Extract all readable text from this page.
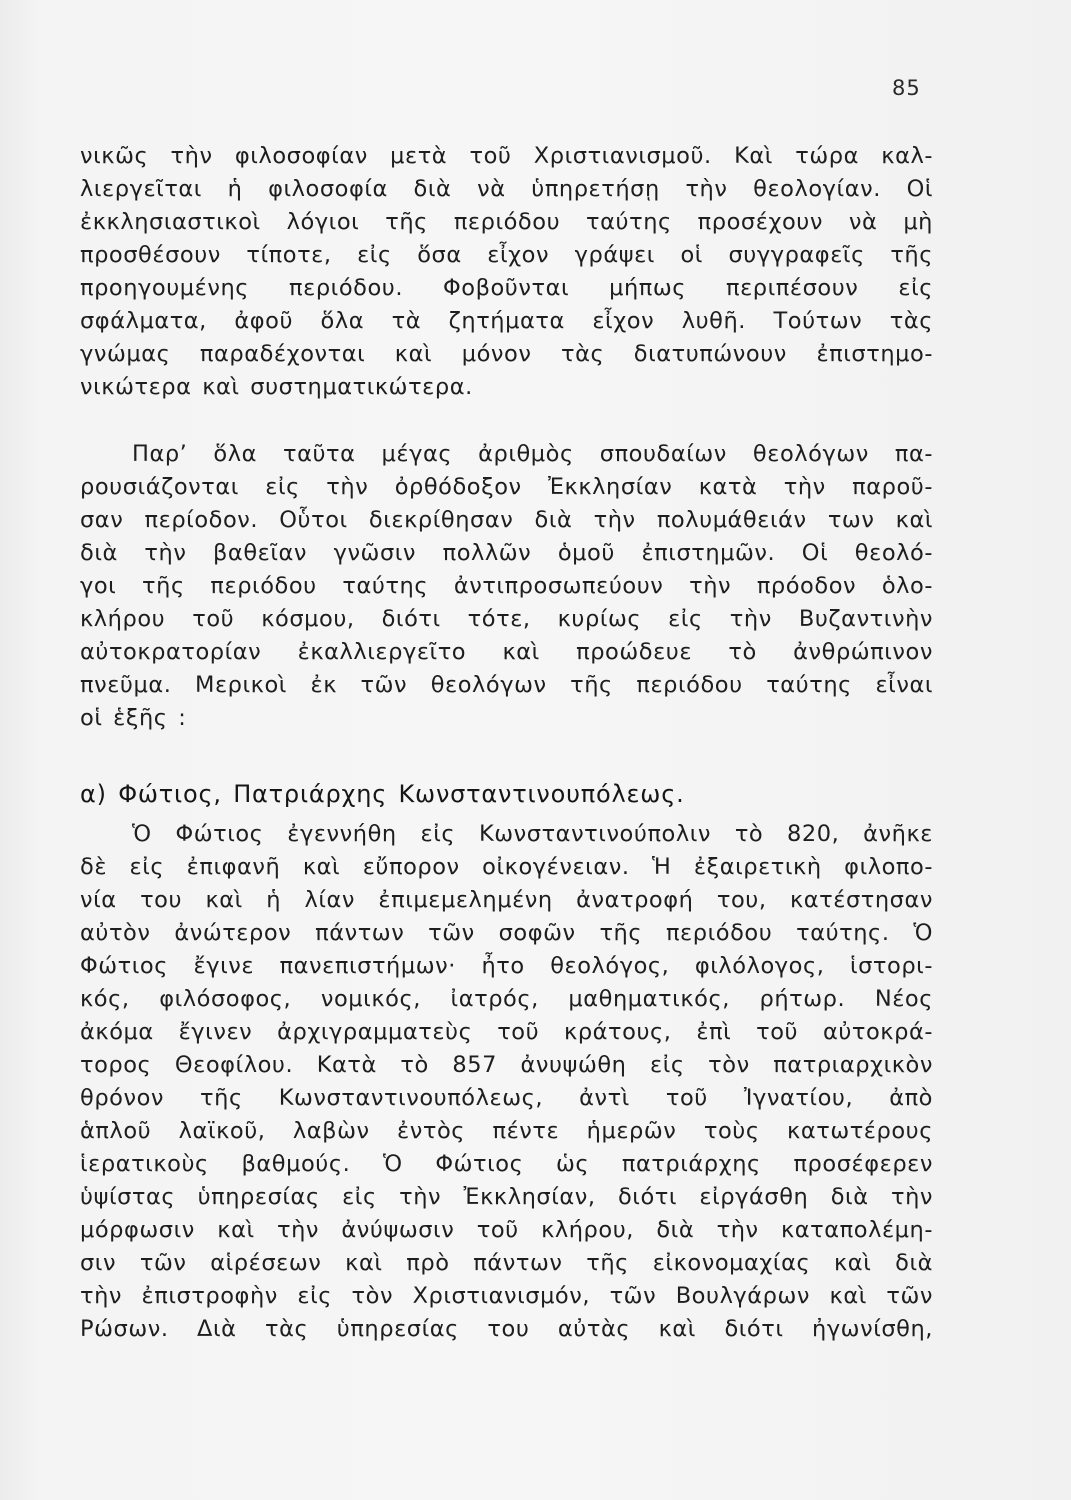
85
νικῶς τὴν φιλοσοφίαν μετὰ τοῦ Χριστιανισμοῦ. Καὶ τώρα καλ-
λιεργεῖται ἡ φιλοσοφία διὰ νὰ ὑπηρετήσῃ τὴν θεολογίαν. Οἱ
ἐκκλησιαστικοὶ λόγιοι τῆς περιόδου ταύτης προσέχουν νὰ μὴ
προσθέσουν τίποτε, εἰς ὅσα εἶχον γράψει οἱ συγγραφεῖς τῆς
προηγουμένης περιόδου. Φοβοῦνται μήπως περιπέσουν εἰς
σφάλματα, ἀφοῦ ὅλα τὰ ζητήματα εἶχον λυθῆ. Τούτων τὰς
γνώμας παραδέχονται καὶ μόνον τὰς διατυπώνουν ἐπιστημο-
νικώτερα καὶ συστηματικώτερα.
Παρ’ ὅλα ταῦτα μέγας ἀριθμὸς σπουδαίων θεολόγων πα-
ρουσιάζονται εἰς τὴν ὀρθόδοξον Ἐκκλησίαν κατὰ τὴν παροῦ-
σαν περίοδον. Οὗτοι διεκρίθησαν διὰ τὴν πολυμάθειάν των καὶ
διὰ τὴν βαθεῖαν γνῶσιν πολλῶν ὁμοῦ ἐπιστημῶν. Οἱ θεολό-
γοι τῆς περιόδου ταύτης ἀντιπροσωπεύουν τὴν πρόοδον ὁλο-
κλήρου τοῦ κόσμου, διότι τότε, κυρίως εἰς τὴν Βυζαντινὴν
αὐτοκρατορίαν ἐκαλλιεργεῖτο καὶ προώδευε τὸ ἀνθρώπινον
πνεῦμα. Μερικοὶ ἐκ τῶν θεολόγων τῆς περιόδου ταύτης εἶναι
οἱ ἑξῆς :
α) Φώτιος, Πατριάρχης Κωνσταντινουπόλεως.
Ὁ Φώτιος ἐγεννήθη εἰς Κωνσταντινούπολιν τὸ 820, ἀνῆκε
δὲ εἰς ἐπιφανῆ καὶ εὔπορον οἰκογένειαν. Ἡ ἐξαιρετικὴ φιλοπο-
νία του καὶ ἡ λίαν ἐπιμεμελημένη ἀνατροφή του, κατέστησαν
αὐτὸν ἀνώτερον πάντων τῶν σοφῶν τῆς περιόδου ταύτης. Ὁ
Φώτιος ἔγινε πανεπιστήμων· ἦτο θεολόγος, φιλόλογος, ἱστορι-
κός, φιλόσοφος, νομικός, ἰατρός, μαθηματικός, ρήτωρ. Νέος
ἀκόμα ἔγινεν ἀρχιγραμματεὺς τοῦ κράτους, ἐπὶ τοῦ αὐτοκρά-
τορος Θεοφίλου. Κατὰ τὸ 857 ἀνυψώθη εἰς τὸν πατριαρχικὸν
θρόνον τῆς Κωνσταντινουπόλεως, ἀντὶ τοῦ Ἰγνατίου, ἀπὸ
ἁπλοῦ λαϊκοῦ, λαβὼν ἐντὸς πέντε ἡμερῶν τοὺς κατωτέρους
ἱερατικοὺς βαθμούς. Ὁ Φώτιος ὡς πατριάρχης προσέφερεν
ὑψίστας ὑπηρεσίας εἰς τὴν Ἐκκλησίαν, διότι εἰργάσθη διὰ τὴν
μόρφωσιν καὶ τὴν ἀνύψωσιν τοῦ κλήρου, διὰ τὴν καταπολέμη-
σιν τῶν αἱρέσεων καὶ πρὸ πάντων τῆς εἰκονομαχίας καὶ διὰ
τὴν ἐπιστροφὴν εἰς τὸν Χριστιανισμόν, τῶν Βουλγάρων καὶ τῶν
Ρώσων. Διὰ τὰς ὑπηρεσίας του αὐτὰς καὶ διότι ἠγωνίσθη,
